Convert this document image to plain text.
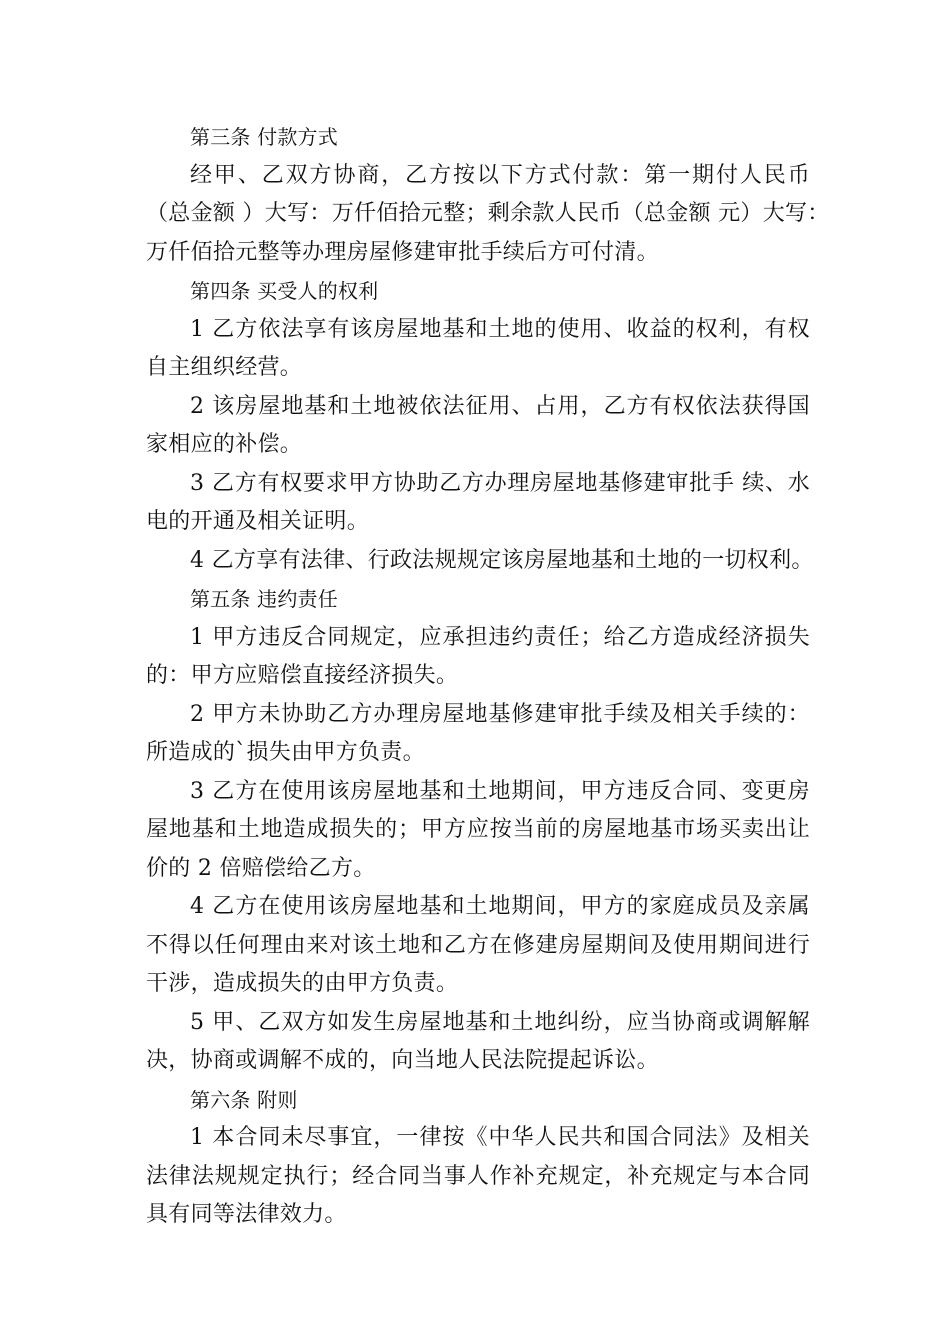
第三条 付款方式
经甲、乙双方协商，乙方按以下方式付款：第一期付人民币
（总金额 ）大写：万仟佰拾元整；剩余款人民币（总金额 元）大写：
万仟佰拾元整等办理房屋修建审批手续后方可付清。
第四条 买受人的权利
1 乙方依法享有该房屋地基和土地的使用、收益的权利，有权
自主组织经营。
2 该房屋地基和土地被依法征用、占用，乙方有权依法获得国
家相应的补偿。
3 乙方有权要求甲方协助乙方办理房屋地基修建审批手 续、水
电的开通及相关证明。
4 乙方享有法律、行政法规规定该房屋地基和土地的一切权利。
第五条 违约责任
1 甲方违反合同规定，应承担违约责任；给乙方造成经济损失
的：甲方应赔偿直接经济损失。
2 甲方未协助乙方办理房屋地基修建审批手续及相关手续的：
所造成的`损失由甲方负责。
3 乙方在使用该房屋地基和土地期间，甲方违反合同、变更房
屋地基和土地造成损失的；甲方应按当前的房屋地基市场买卖出让
价的 2 倍赔偿给乙方。
4 乙方在使用该房屋地基和土地期间，甲方的家庭成员及亲属
不得以任何理由来对该土地和乙方在修建房屋期间及使用期间进行
干涉，造成损失的由甲方负责。
5 甲、乙双方如发生房屋地基和土地纠纷，应当协商或调解解
决，协商或调解不成的，向当地人民法院提起诉讼。
第六条 附则
1 本合同未尽事宜，一律按《中华人民共和国合同法》及相关
法律法规规定执行；经合同当事人作补充规定，补充规定与本合同
具有同等法律效力。
